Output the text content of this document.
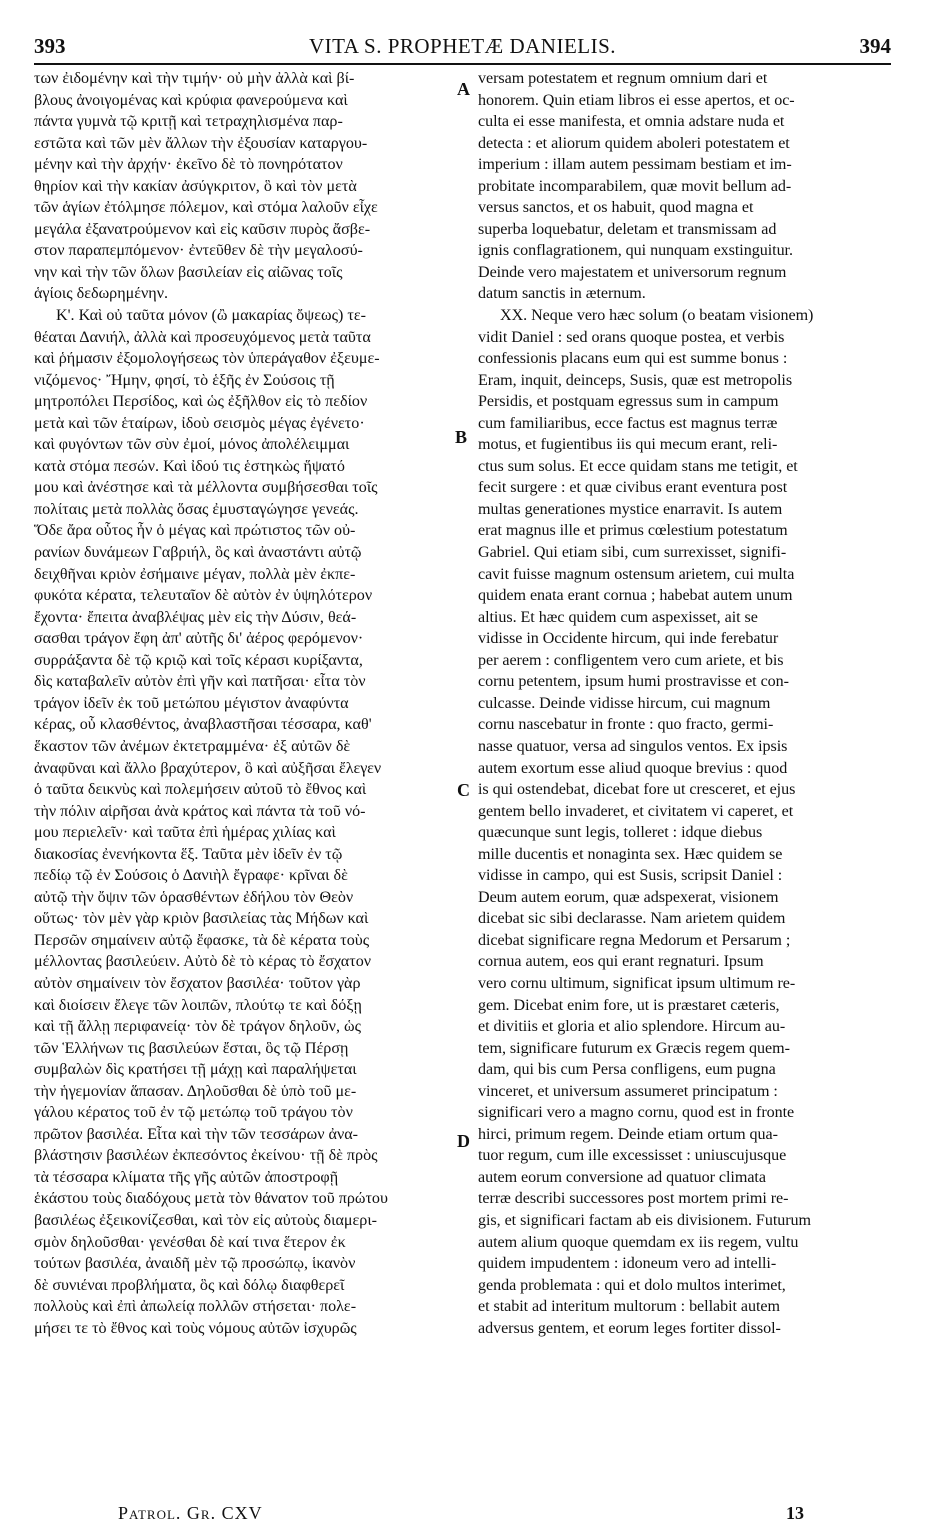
393	VITA S. PROPHETÆ DANIELIS.	394
των ἐιδομένην καὶ τὴν τιμήν· οὐ μὴν ἀλλὰ καὶ βί-
βλους ἀνοιγομένας καὶ κρύφια φανερούμενα καὶ
πάντα γυμνὰ τῷ κριτῇ καὶ τετραχηλισμένα παρ-
εστῶτα καὶ τῶν μὲν ἄλλων τὴν ἐξουσίαν καταργου-
μένην καὶ τὴν ἀρχήν· ἐκεῖνο δὲ τὸ πονηρότατον
θηρίον καὶ τὴν κακίαν ἀσύγκριτον, ὃ καὶ τὸν μετὰ
τῶν ἁγίων ἐτόλμησε πόλεμον, καὶ στόμα λαλοῦν εἶχε
μεγάλα ἐξανατρούμενον καὶ εἰς καῦσιν πυρὸς ἄσβε-
στον παραπεμπόμενον· ἐντεῦθεν δὲ τὴν μεγαλοσύ-
νην καὶ τὴν τῶν ὅλων βασιλείαν εἰς αἰῶνας τοῖς
ἁγίοις δεδωρημένην.
Κ'. Καὶ οὐ ταῦτα μόνον (ὢ μακαρίας ὄψεως) τε-
θέαται Δανιήλ, ἀλλὰ καὶ προσευχόμενος μετὰ ταῦτα
καὶ ῥήμασιν ἐξομολογήσεως τὸν ὑπεράγαθον ἐξευμε-
νιζόμενος· Ἤμην, φησί, τὸ ἑξῆς ἐν Σούσοις τῇ
μητροπόλει Περσίδος, καὶ ὡς ἐξῆλθον εἰς τὸ πεδίον
μετὰ καὶ τῶν ἑταίρων, ἰδοὺ σεισμὸς μέγας ἐγένετο·
καὶ φυγόντων τῶν σὺν ἐμοί, μόνος ἀπολέλειμμαι
κατὰ στόμα πεσών. Καὶ ἰδού τις ἑστηκὼς ἥψατό
μου καὶ ἀνέστησε καὶ τὰ μέλλοντα συμβήσεσθαι τοῖς
πολίταις μετὰ πολλὰς ὅσας ἐμυσταγώγησε γενεάς.
Ὅδε ἄρα οὗτος ἦν ὁ μέγας καὶ πρώτιστος τῶν οὐ-
ρανίων δυνάμεων Γαβριήλ, ὃς καὶ ἀναστάντι αὐτῷ
δειχθῆναι κριὸν ἐσήμαινε μέγαν, πολλὰ μὲν ἐκπε-
φυκότα κέρατα, τελευταῖον δὲ αὐτὸν ἐν ὑψηλότερον
ἔχοντα· ἔπειτα ἀναβλέψας μὲν εἰς τὴν Δύσιν, θεά-
σασθαι τράγον ἔφη ἀπ' αὐτῆς δι' ἀέρος φερόμενον·
συρράξαντα δὲ τῷ κριῷ καὶ τοῖς κέρασι κυρίξαντα,
δὶς καταβαλεῖν αὐτὸν ἐπὶ γῆν καὶ πατῆσαι· εἶτα τὸν
τράγον ἰδεῖν ἐκ τοῦ μετώπου μέγιστον ἀναφύντα
κέρας, οὗ κλασθέντος, ἀναβλαστῆσαι τέσσαρα, καθ'
ἕκαστον τῶν ἀνέμων ἐκτετραμμένα· ἐξ αὐτῶν δὲ
ἀναφῦναι καὶ ἄλλο βραχύτερον, ὃ καὶ αὐξῆσαι ἔλεγεν
ὁ ταῦτα δεικνὺς καὶ πολεμήσειν αὐτοῦ τὸ ἔθνος καὶ
τὴν πόλιν αἱρῆσαι ἀνὰ κράτος καὶ πάντα τὰ τοῦ νό-
μου περιελεῖν· καὶ ταῦτα ἐπὶ ἡμέρας χιλίας καὶ
διακοσίας ἐνενήκοντα ἕξ. Ταῦτα μὲν ἰδεῖν ἐν τῷ
πεδίῳ τῷ ἐν Σούσοις ὁ Δανιὴλ ἔγραφε· κρῖναι δὲ
αὐτῷ τὴν ὄψιν τῶν ὁρασθέντων ἐδήλου τὸν Θεὸν
οὕτως· τὸν μὲν γὰρ κριὸν βασιλείας τὰς Μήδων καὶ
Περσῶν σημαίνειν αὐτῷ ἔφασκε, τὰ δὲ κέρατα τοὺς
μέλλοντας βασιλεύειν. Αὐτὸ δὲ τὸ κέρας τὸ ἔσχατον
αὐτὸν σημαίνειν τὸν ἔσχατον βασιλέα· τοῦτον γὰρ
καὶ διοίσειν ἔλεγε τῶν λοιπῶν, πλούτῳ τε καὶ δόξῃ
καὶ τῇ ἄλλῃ περιφανείᾳ· τὸν δὲ τράγον δηλοῦν, ὡς
τῶν Ἑλλήνων τις βασιλεύων ἔσται, ὃς τῷ Πέρσῃ
συμβαλὼν δὶς κρατήσει τῇ μάχῃ καὶ παραλήψεται
τὴν ἡγεμονίαν ἅπασαν. Δηλοῦσθαι δὲ ὑπὸ τοῦ με-
γάλου κέρατος τοῦ ἐν τῷ μετώπῳ τοῦ τράγου τὸν
πρῶτον βασιλέα. Εἶτα καὶ τὴν τῶν τεσσάρων ἀνα-
βλάστησιν βασιλέων ἐκπεσόντος ἐκείνου· τῇ δὲ πρὸς
τὰ τέσσαρα κλίματα τῆς γῆς αὐτῶν ἀποστροφῇ
ἑκάστου τοὺς διαδόχους μετὰ τὸν θάνατον τοῦ πρώτου
βασιλέως ἐξεικονίζεσθαι, καὶ τὸν εἰς αὐτοὺς διαμερι-
σμὸν δηλοῦσθαι· γενέσθαι δὲ καί τινα ἕτερον ἐκ
τούτων βασιλέα, ἀναιδῆ μὲν τῷ προσώπῳ, ἱκανὸν
δὲ συνιέναι προβλήματα, ὃς καὶ δόλῳ διαφθερεῖ
πολλοὺς καὶ ἐπὶ ἀπωλείᾳ πολλῶν στήσεται· πολε-
μήσει τε τὸ ἔθνος καὶ τοὺς νόμους αὐτῶν ἰσχυρῶς
versam potestatem et regnum omnium dari et
honorem. Quin etiam libros ei esse apertos, et oc-
culta ei esse manifesta, et omnia adstare nuda et
detecta : et aliorum quidem aboleri potestatem et
imperium : illam autem pessimam bestiam et im-
probitate incomparabilem, quæ movit bellum ad-
versus sanctos, et os habuit, quod magna et
superba loquebatur, deletam et transmissam ad
ignis conflagrationem, qui nunquam exstinguitur.
Deinde vero majestatem et universorum regnum
datum sanctis in æternum.
XX. Neque vero hæc solum (o beatam visionem)
vidit Daniel : sed orans quoque postea, et verbis
confessionis placans eum qui est summe bonus :
Eram, inquit, deinceps, Susis, quæ est metropolis
Persidis, et postquam egressus sum in campum
cum familiaribus, ecce factus est magnus terræ
motus, et fugientibus iis qui mecum erant, reli-
ctus sum solus. Et ecce quidam stans me tetigit, et
fecit surgere : et quæ civibus erant eventura post
multas generationes mystice enarravit. Is autem
erat magnus ille et primus cœlestium potestatum
Gabriel. Qui etiam sibi, cum surrexisset, signifi-
cavit fuisse magnum ostensum arietem, cui multa
quidem enata erant cornua ; habebat autem unum
altius. Et hæc quidem cum aspexisset, ait se
vidisse in Occidente hircum, qui inde ferebatur
per aerem : confligentem vero cum ariete, et bis
cornu petentem, ipsum humi prostravisse et con-
culcasse. Deinde vidisse hircum, cui magnum
cornu nascebatur in fronte : quo fracto, germi-
nasse quatuor, versa ad singulos ventos. Ex ipsis
autem exortum esse aliud quoque brevius : quod
is qui ostendebat, dicebat fore ut cresceret, et ejus
gentem bello invaderet, et civitatem vi caperet, et
quæcunque sunt legis, tolleret : idque diebus
mille ducentis et nonaginta sex. Hæc quidem se
vidisse in campo, qui est Susis, scripsit Daniel :
Deum autem eorum, quæ adspexerat, visionem
dicebat sic sibi declarasse. Nam arietem quidem
dicebat significare regna Medorum et Persarum ;
cornua autem, eos qui erant regnaturi. Ipsum
vero cornu ultimum, significat ipsum ultimum re-
gem. Dicebat enim fore, ut is præstaret cæteris,
et divitiis et gloria et alio splendore. Hircum au-
tem, significare futurum ex Græcis regem quem-
dam, qui bis cum Persa confligens, eum pugna
vinceret, et universum assumeret principatum :
significari vero a magno cornu, quod est in fronte
hirci, primum regem. Deinde etiam ortum qua-
tuor regum, cum ille excessisset : uniuscujusque
autem eorum conversione ad quatuor climata
terræ describi successores post mortem primi re-
gis, et significari factam ab eis divisionem. Futurum
autem alium quoque quemdam ex iis regem, vultu
quidem impudentem : idoneum vero ad intelli-
genda problemata : qui et dolo multos interimet,
et stabit ad interitum multorum : bellabit autem
adversus gentem, et eorum leges fortiter dissol-
A
B
C
D
Patrol. Gr. CXV	13
